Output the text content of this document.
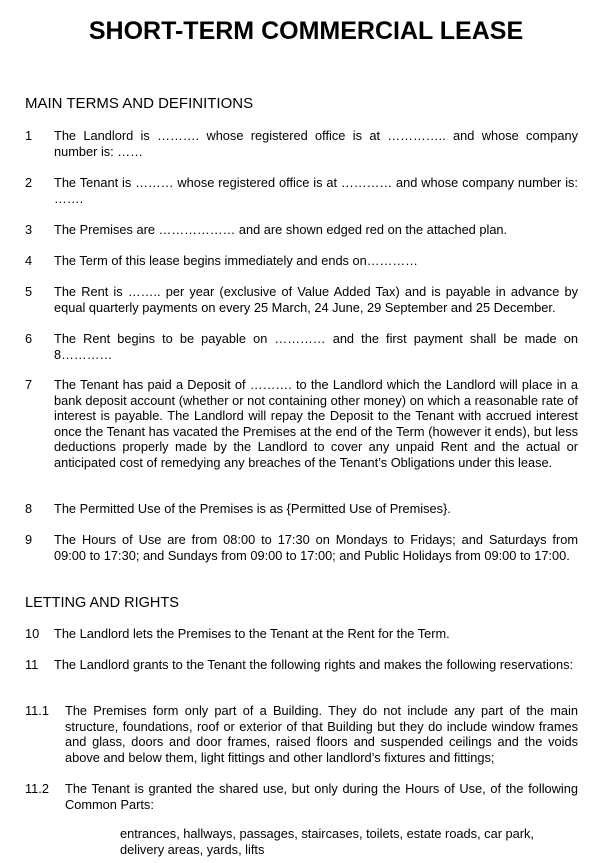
SHORT-TERM COMMERCIAL LEASE
MAIN TERMS AND DEFINITIONS
1 The Landlord is ………. whose registered office is at ………….. and whose company number is: ……
2 The Tenant is ……… whose registered office is at ………… and whose company number is: …….
3 The Premises are ……………… and are shown edged red on the attached plan.
4 The Term of this lease begins immediately and ends on…………
5 The Rent is …….. per year (exclusive of Value Added Tax) and is payable in advance by equal quarterly payments on every 25 March, 24 June, 29 September and 25 December.
6 The Rent begins to be payable on ………… and the first payment shall be made on 8…………
7 The Tenant has paid a Deposit of ………. to the Landlord which the Landlord will place in a bank deposit account (whether or not containing other money) on which a reasonable rate of interest is payable. The Landlord will repay the Deposit to the Tenant with accrued interest once the Tenant has vacated the Premises at the end of the Term (however it ends), but less deductions properly made by the Landlord to cover any unpaid Rent and the actual or anticipated cost of remedying any breaches of the Tenant’s Obligations under this lease.
8 The Permitted Use of the Premises is as {Permitted Use of Premises}.
9 The Hours of Use are from 08:00 to 17:30 on Mondays to Fridays; and Saturdays from 09:00 to 17:30; and Sundays from 09:00 to 17:00; and Public Holidays from 09:00 to 17:00.
LETTING AND RIGHTS
10 The Landlord lets the Premises to the Tenant at the Rent for the Term.
11 The Landlord grants to the Tenant the following rights and makes the following reservations:
11.1 The Premises form only part of a Building. They do not include any part of the main structure, foundations, roof or exterior of that Building but they do include window frames and glass, doors and door frames, raised floors and suspended ceilings and the voids above and below them, light fittings and other landlord’s fixtures and fittings;
11.2 The Tenant is granted the shared use, but only during the Hours of Use, of the following Common Parts:
entrances, hallways, passages, staircases, toilets, estate roads, car park, delivery areas, yards, lifts
